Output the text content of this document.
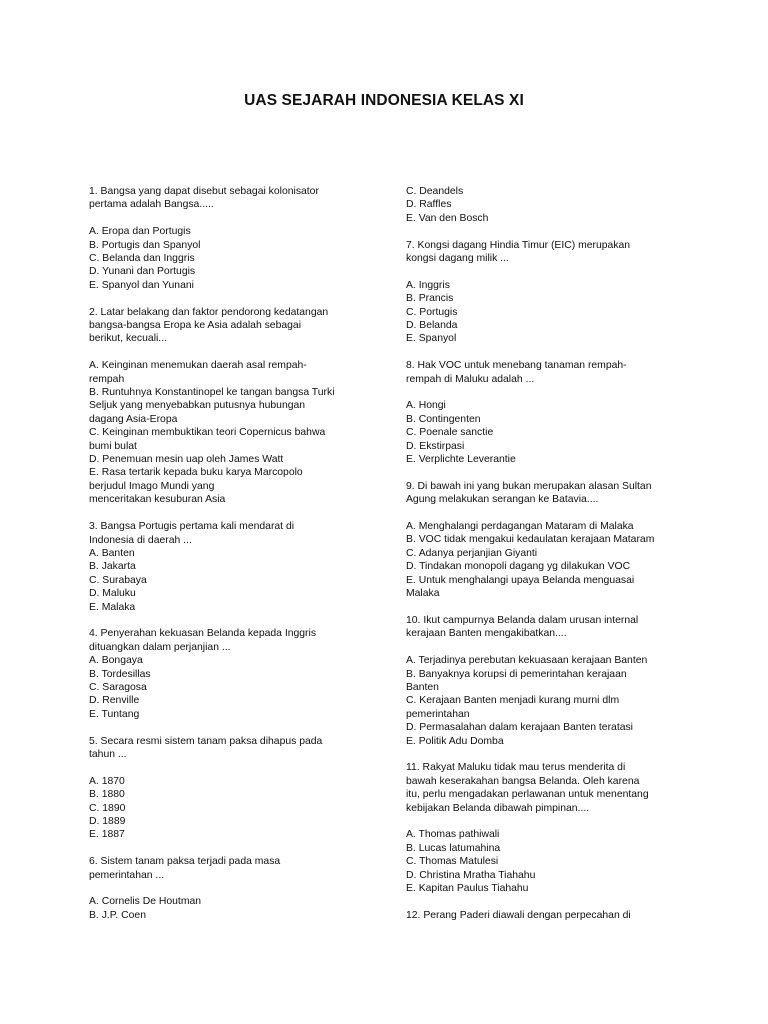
UAS SEJARAH INDONESIA KELAS XI

1. Bangsa yang dapat disebut sebagai kolonisator
pertama adalah Bangsa.....

A. Eropa dan Portugis
B. Portugis dan Spanyol
C. Belanda dan Inggris
D. Yunani dan Portugis
E. Spanyol dan Yunani

2. Latar belakang dan faktor pendorong kedatangan
bangsa-bangsa Eropa ke Asia adalah sebagai
berikut, kecuali...

A. Keinginan menemukan daerah asal rempah-
rempah
B. Runtuhnya Konstantinopel ke tangan bangsa Turki
Seljuk yang menyebabkan putusnya hubungan
dagang Asia-Eropa
C. Keinginan membuktikan teori Copernicus bahwa
bumi bulat
D. Penemuan mesin uap oleh James Watt
E. Rasa tertarik kepada buku karya Marcopolo
berjudul Imago Mundi yang
menceritakan kesuburan Asia

3. Bangsa Portugis pertama kali mendarat di
Indonesia di daerah ...

A. Banten
B. Jakarta
C. Surabaya
D. Maluku
E. Malaka

4. Penyerahan kekuasan Belanda kepada Inggris
dituangkan dalam perjanjian ...

A. Bongaya
B. Tordesillas
C. Saragosa
D. Renville
E. Tuntang

5. Secara resmi sistem tanam paksa dihapus pada
tahun ...

A. 1870
B. 1880
C. 1890
D. 1889
E. 1887

6. Sistem tanam paksa terjadi pada masa
pemerintahan ...

A. Cornelis De Houtman
B. J.P. Coen
C. Deandels
D. Raffles
E. Van den Bosch

7. Kongsi dagang Hindia Timur (EIC) merupakan
kongsi dagang milik ...

A. Inggris
B. Prancis
C. Portugis
D. Belanda
E. Spanyol

8. Hak VOC untuk menebang tanaman rempah-
rempah di Maluku adalah ...

A. Hongi
B. Contingenten
C. Poenale sanctie
D. Ekstirpasi
E. Verplichte Leverantie

9. Di bawah ini yang bukan merupakan alasan Sultan
Agung melakukan serangan ke Batavia....

A. Menghalangi perdagangan Mataram di Malaka
B. VOC tidak mengakui kedaulatan kerajaan Mataram
C. Adanya perjanjian Giyanti
D. Tindakan monopoli dagang yg dilakukan VOC
E. Untuk menghalangi upaya Belanda menguasai
Malaka

10. Ikut campurnya Belanda dalam urusan internal
kerajaan Banten mengakibatkan....

A. Terjadinya perebutan kekuasaan kerajaan Banten
B. Banyaknya korupsi di pemerintahan kerajaan
Banten
C. Kerajaan Banten menjadi kurang murni dlm
pemerintahan
D. Permasalahan dalam kerajaan Banten teratasi
E. Politik Adu Domba

11. Rakyat Maluku tidak mau terus menderita di
bawah keserakahan bangsa Belanda. Oleh karena
itu, perlu mengadakan perlawanan untuk menentang
kebijakan Belanda dibawah pimpinan....

A. Thomas pathiwali
B. Lucas latumahina
C. Thomas Matulesi
D. Christina Mratha Tiahahu
E. Kapitan Paulus Tiahahu

12. Perang Paderi diawali dengan perpecahan di
